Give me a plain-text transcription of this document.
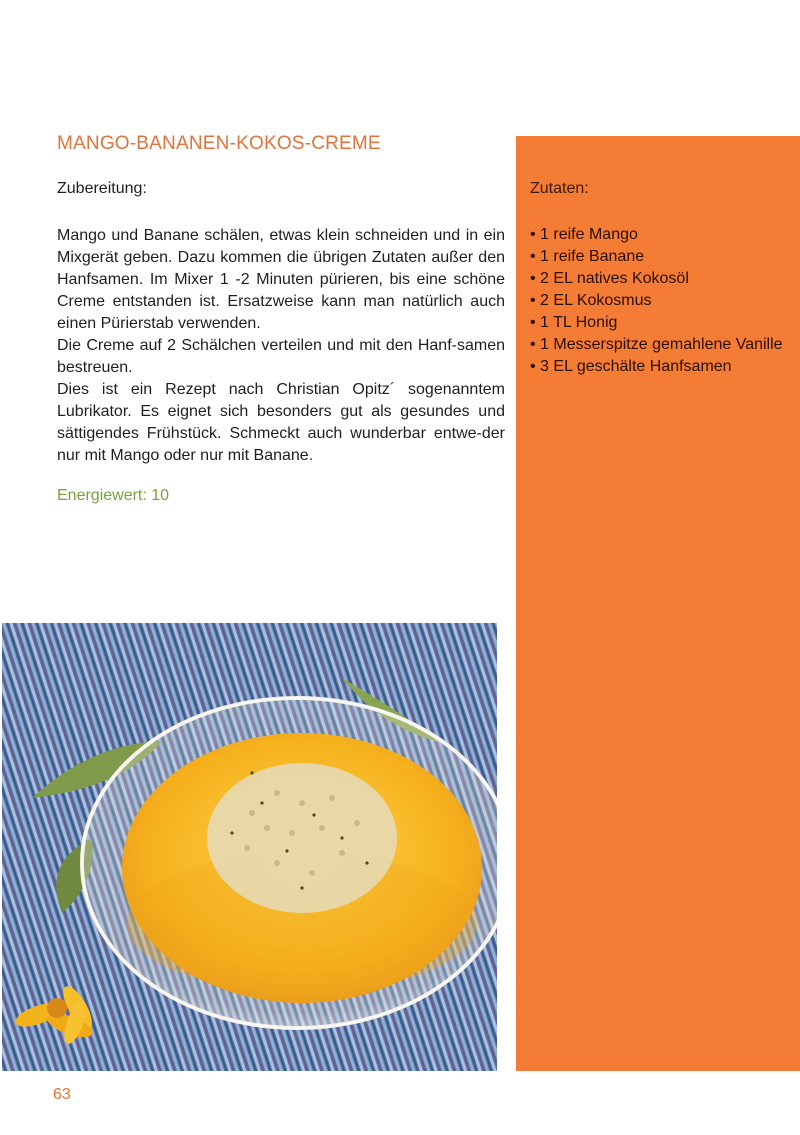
MANGO-BANANEN-KOKOS-CREME
Zubereitung:

Mango und Banane schälen, etwas klein schneiden und in ein Mixgerät geben. Dazu kommen die übrigen Zutaten außer den Hanfsamen. Im Mixer 1 -2 Minuten pürieren, bis eine schöne Creme entstanden ist. Ersatzweise kann man natürlich auch einen Pürierstab verwenden.

Die Creme auf 2 Schälchen verteilen und mit den Hanf-samen bestreuen.

Dies ist ein Rezept nach Christian Opitz´ sogenanntem Lubrikator. Es eignet sich besonders gut als gesundes und sättigendes Frühstück. Schmeckt auch wunderbar entwe-der nur mit Mango oder nur mit Banane.

Energiewert: 10
Zutaten:
• 1 reife Mango
• 1 reife Banane
• 2 EL natives Kokosöl
• 2 EL Kokosmus
• 1 TL Honig
• 1 Messerspitze gemahlene Vanille
• 3 EL geschälte Hanfsamen
63
